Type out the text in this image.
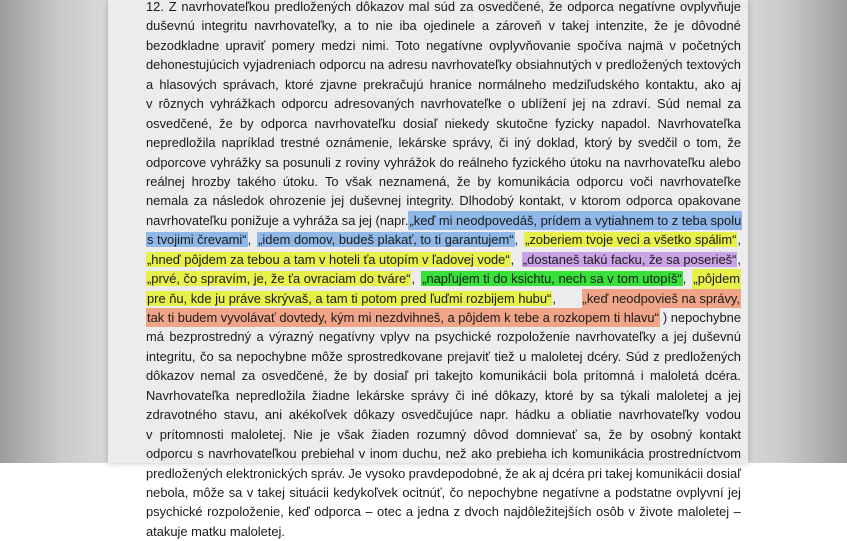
12. Z navrhovateľkou predložených dôkazov mal súd za osvedčené, že odporca negatívne ovplyvňuje
duševnú integritu navrhovateľky, a to nie iba ojedinele a zároveň v takej intenzite, že je dôvodné
bezodkladne upraviť pomery medzi nimi. Toto negatívne ovplyvňovanie spočíva najmä v početných
dehonestujúcich vyjadreniach odporcu na adresu navrhovateľky obsiahnutých v predložených textových
a hlasových správach, ktoré zjavne prekračujú hranice normálneho medziľudského kontaktu, ako aj
v rôznych vyhrážkach odporcu adresovaných navrhovateľke o ublížení jej na zdraví. Súd nemal za
osvedčené, že by odporca navrhovateľku dosiaľ niekedy skutočne fyzicky napadol. Navrhovateľka
nepredložila napríklad trestné oznámenie, lekárske správy, či iný doklad, ktorý by svedčil o tom, že
odporcove vyhrážky sa posunuli z roviny vyhrážok do reálneho fyzického útoku na navrhovateľku alebo
reálnej hrozby takého útoku. To však neznamená, že by komunikácia odporcu voči navrhovateľke
nemala za následok ohrozenie jej duševnej integrity. Dlhodobý kontakt, v ktorom odporca opakovane
navrhovateľku ponižuje a vyhráža sa jej (napr. „keď mi neodpovedáš, prídem a vytiahnem to z teba spolu
s tvojimi črevami“, „idem domov, budeš plakať, to ti garantujem“, „zoberiem tvoje veci a všetko spálim“,
„hneď pôjdem za tebou a tam v hoteli ťa utopím v ľadovej vode“, „dostaneš takú facku, že sa poserieš“,
„prvé, čo spravím, je, že ťa ovraciam do tváre“, „napľujem ti do ksichtu, nech sa v tom utopíš“, „pôjdem
pre ňu, kde ju práve skrývaš, a tam ti potom pred ľuďmi rozbijem hubu“, „keď neodpovieš na správy,
tak ti budem vyvolávať dovtedy, kým mi nezdvihneš, a pôjdem k tebe a rozkopem ti hlavu“ ) nepochybne
má bezprostredný a výrazný negatívny vplyv na psychické rozpoloženie navrhovateľky a jej duševnú
integritu, čo sa nepochybne môže sprostredkovane prejaviť tiež u maloletej dcéry. Súd z predložených
dôkazov nemal za osvedčené, že by dosiaľ pri takejto komunikácii bola prítomná i maloletá dcéra.
Navrhovateľka nepredložila žiadne lekárske správy či iné dôkazy, ktoré by sa týkali maloletej a jej
zdravotného stavu, ani akékoľvek dôkazy osvedčujúce napr. hádku a obliatie navrhovateľky vodou
v prítomnosti maloletej. Nie je však žiaden rozumný dôvod domnievať sa, že by osobný kontakt
odporcu s navrhovateľkou prebiehal v inom duchu, než ako prebieha ich komunikácia prostredníctvom
predložených elektronických správ. Je vysoko pravdepodobné, že ak aj dcéra pri takej komunikácii dosiaľ
nebola, môže sa v takej situácii kedykoľvek ocitnúť, čo nepochybne negatívne a podstatne ovplyvní jej
psychické rozpoloženie, keď odporca – otec a jedna z dvoch najdôležitejších osôb v živote maloletej –
atakuje matku maloletej.
